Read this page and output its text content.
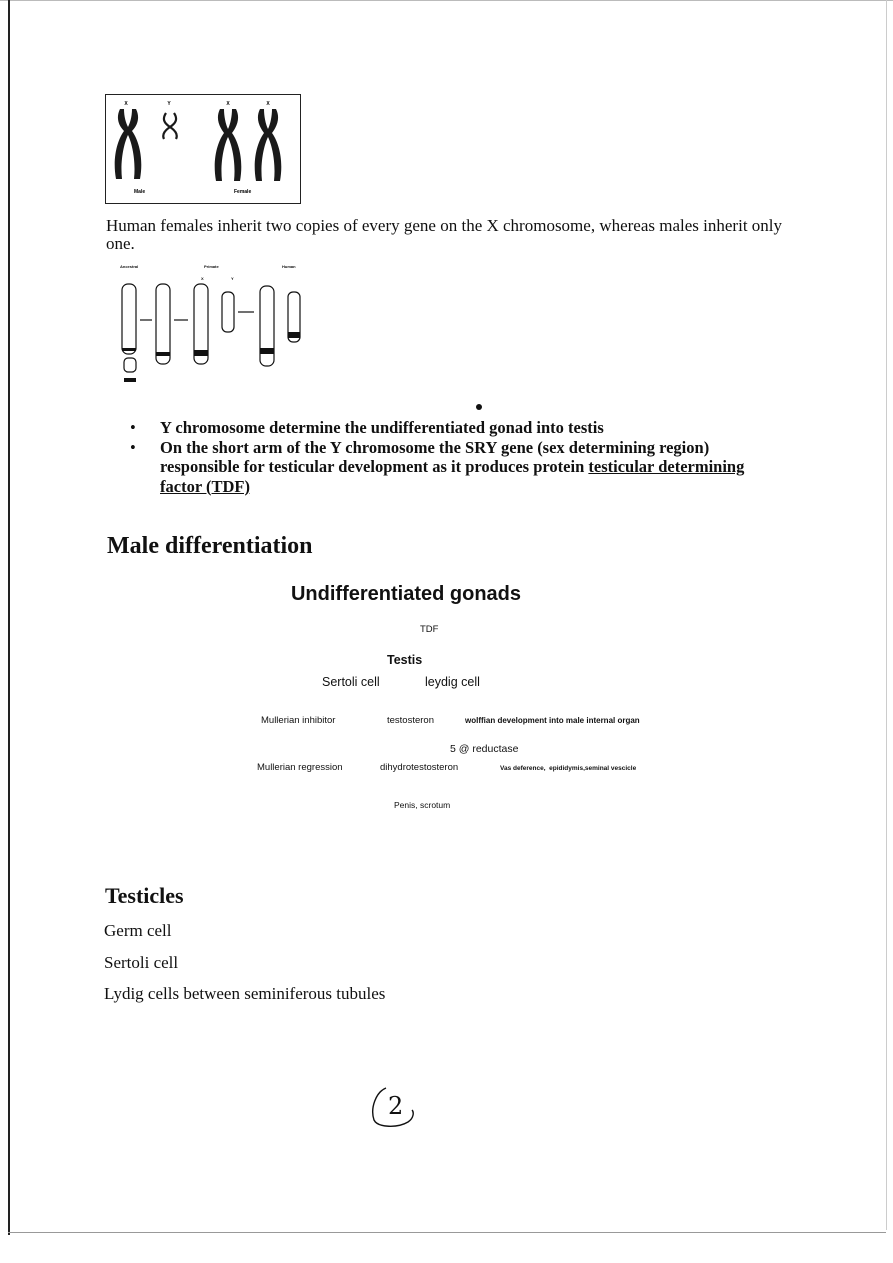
X	Y	X	X
Male	Female
Human females inherit two copies of every gene on the X chromosome, whereas males inherit only one.
Ancestral	Primate	Human
X	Y
• Y chromosome determine the undifferentiated gonad into testis
• On the short arm of the Y chromosome the SRY gene (sex determining region) responsible for testicular development as it produces protein testicular determining factor (TDF)
Male differentiation
Undifferentiated gonads
TDF
Testis
Sertoli cell	leydig cell
Mullerian inhibitor	testosteron	wolffian development into male internal organ
5 @ reductase
Mullerian regression	dihydrotestosteron	Vas deference,  epididymis,seminal vescicle
Penis, scrotum
Testicles
Germ cell
Sertoli cell
Lydig cells between seminiferous tubules
2
